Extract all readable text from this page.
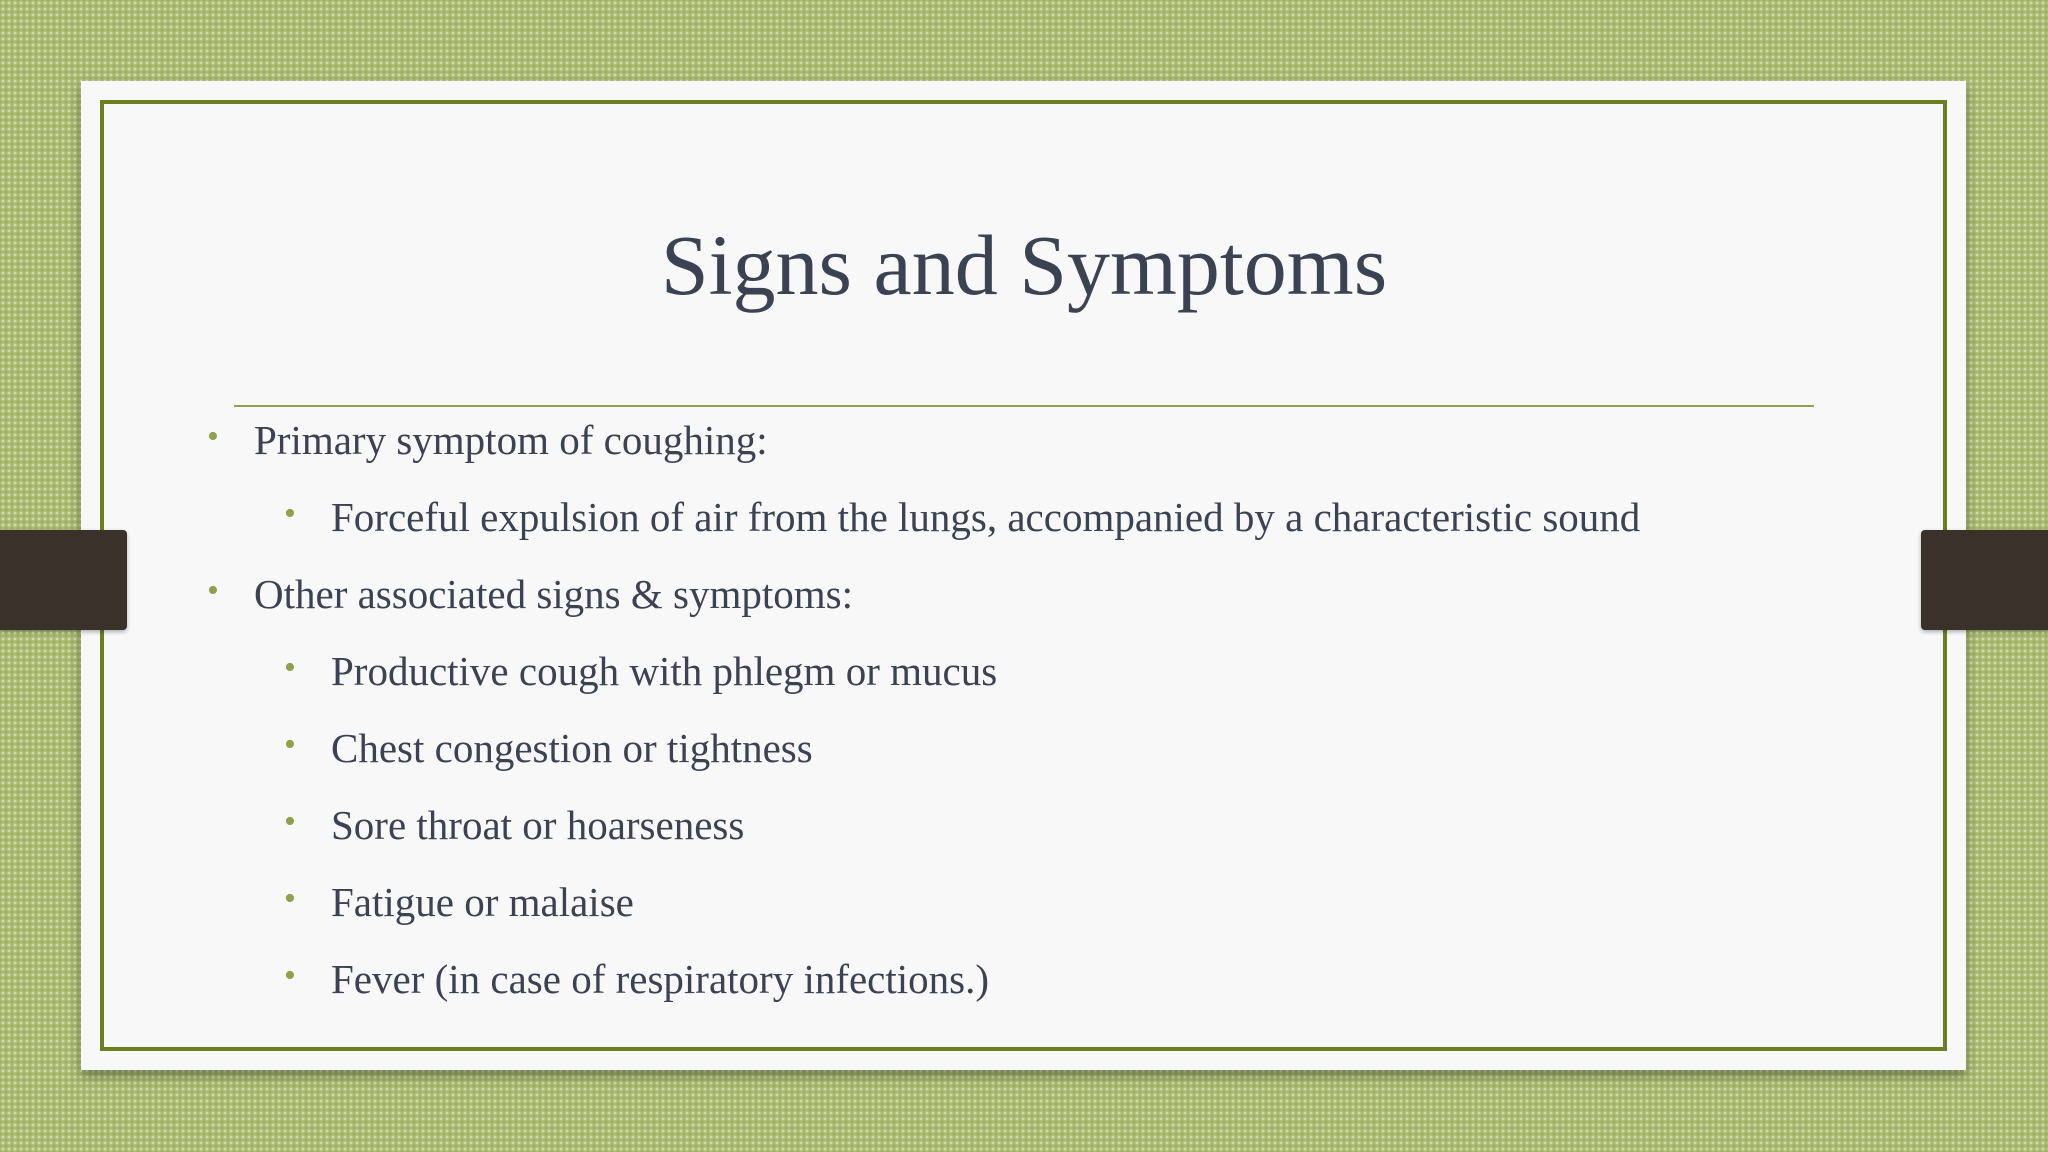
Signs and Symptoms
• Primary symptom of coughing:
• Forceful expulsion of air from the lungs, accompanied by a characteristic sound
• Other associated signs & symptoms:
• Productive cough with phlegm or mucus
• Chest congestion or tightness
• Sore throat or hoarseness
• Fatigue or malaise
• Fever (in case of respiratory infections.)
